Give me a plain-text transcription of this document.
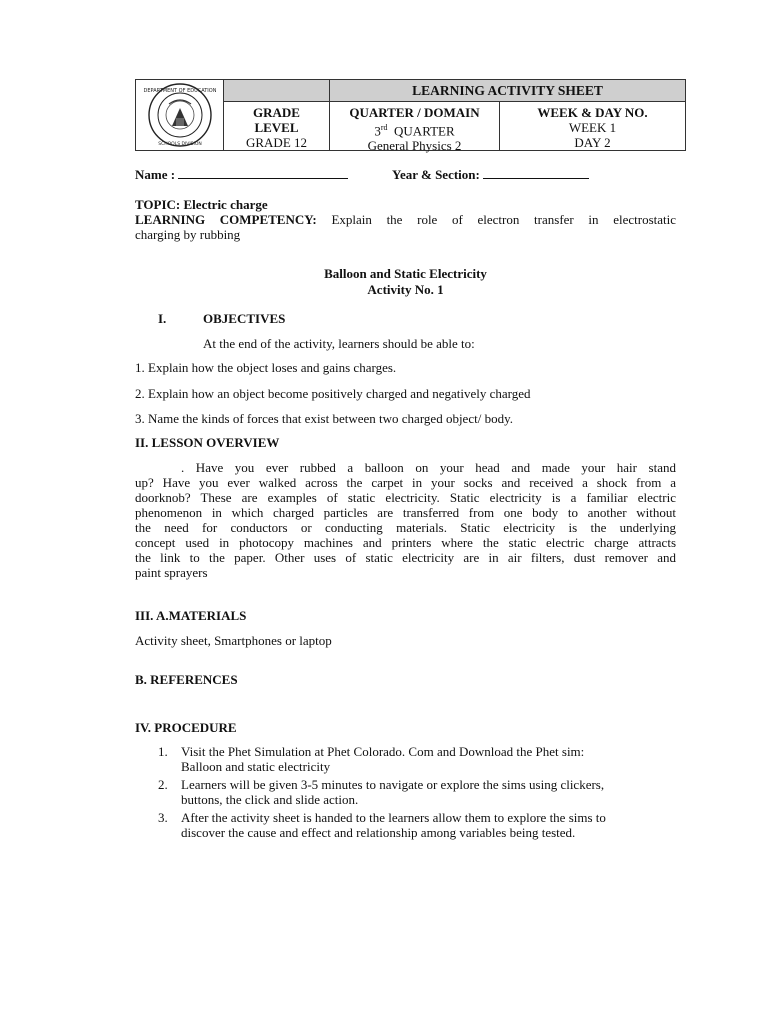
LEARNING ACTIVITY SHEET
DEPARTMENT OF EDUCATION
SCHOOLS DIVISION
GRADE
LEVEL
GRADE 12
QUARTER / DOMAIN
3rd QUARTER
General Physics 2
WEEK & DAY NO.
WEEK 1
DAY 2
Name :	Year & Section:
TOPIC: Electric charge
LEARNING COMPETENCY: Explain the role of electron transfer in electrostatic
charging by rubbing
Balloon and Static Electricity
Activity No. 1
I.	OBJECTIVES
At the end of the activity, learners should be able to:
1. Explain how the object loses and gains charges.
2. Explain how an object become positively charged and negatively charged
3. Name the kinds of forces that exist between two charged object/ body.
II. LESSON OVERVIEW
. Have you ever rubbed a balloon on your head and made your hair stand
up? Have you ever walked across the carpet in your socks and received a shock from a
doorknob? These are examples of static electricity. Static electricity is a familiar electric
phenomenon in which charged particles are transferred from one body to another without
the need for conductors or conducting materials. Static electricity is the underlying
concept used in photocopy machines and printers where the static electric charge attracts
the link to the paper. Other uses of static electricity are in air filters, dust remover and
paint sprayers
III. A.MATERIALS
Activity sheet, Smartphones or laptop
B. REFERENCES
IV. PROCEDURE
1. Visit the Phet Simulation at Phet Colorado. Com and Download the Phet sim:
Balloon and static electricity
2. Learners will be given 3-5 minutes to navigate or explore the sims using clickers,
buttons, the click and slide action.
3. After the activity sheet is handed to the learners allow them to explore the sims to
discover the cause and effect and relationship among variables being tested.
